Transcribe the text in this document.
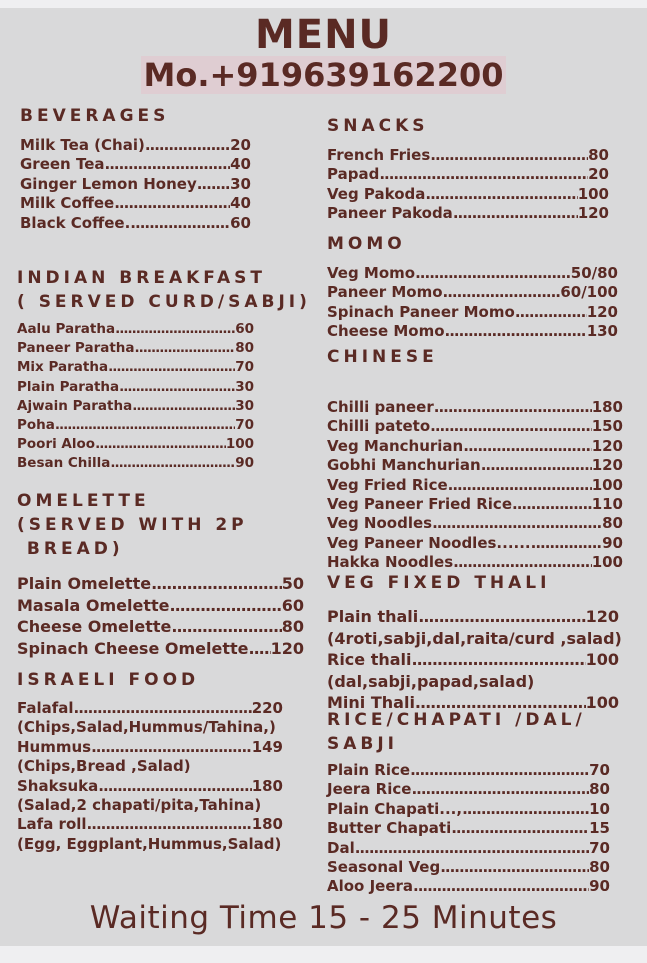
MENU
Mo.+919639162200
BEVERAGES
Milk Tea (Chai) .....	20
Green Tea .....	40
Ginger Lemon Honey ..... 30
Milk Coffee .....	40
Black Coffee. .....	60
INDIAN BREAKFAST
( SERVED CURD/SABJI)
Aalu Paratha .....	60
Paneer Paratha .....	80
Mix Paratha .....	70
Plain Paratha .....	30
Ajwain Paratha .....	30
Poha .....	70
Poori Aloo .....	100
Besan Chilla .....	90
OMELETTE
(SERVED WITH 2P
BREAD)
Plain Omelette .....	50
Masala Omelette .....	60
Cheese Omelette .....	80
Spinach Cheese Omelette ..... 120
ISRAELI FOOD
Falafal .....	220
(Chips,Salad,Hummus/Tahina,)
Hummus .....	149
(Chips,Bread ,Salad)
Shaksuka .....	180
(Salad,2 chapati/pita,Tahina)
Lafa roll .....	180
(Egg, Eggplant,Hummus,Salad)
SNACKS
French Fries .....	80
Papad .....	20
Veg Pakoda .....	100
Paneer Pakoda .....	120
MOMO
Veg Momo .....	50/80
Paneer Momo .....	60/100
Spinach Paneer Momo .....	120
Cheese Momo .....	130
CHINESE
Chilli paneer .....	180
Chilli pateto .....	150
Veg Manchurian .....	120
Gobhi Manchurian .....	120
Veg Fried Rice .....	100
Veg Paneer Fried Rice .....	110
Veg Noodles .....	80
Veg Paneer Noodles...... .....	90
Hakka Noodles .....	100
VEG FIXED THALI
Plain thali .....	120
(4roti,sabji,dal,raita/curd ,salad)
Rice thali .....	100
(dal,sabji,papad,salad)
Mini Thali .....	100
RICE/CHAPATI /DAL/
SABJI
Plain Rice .....	70
Jeera Rice .....	80
Plain Chapati..., .....	10
Butter Chapati .....	15
Dal .....	70
Seasonal Veg .....	80
Aloo Jeera .....	90
Waiting Time 15 - 25 Minutes
